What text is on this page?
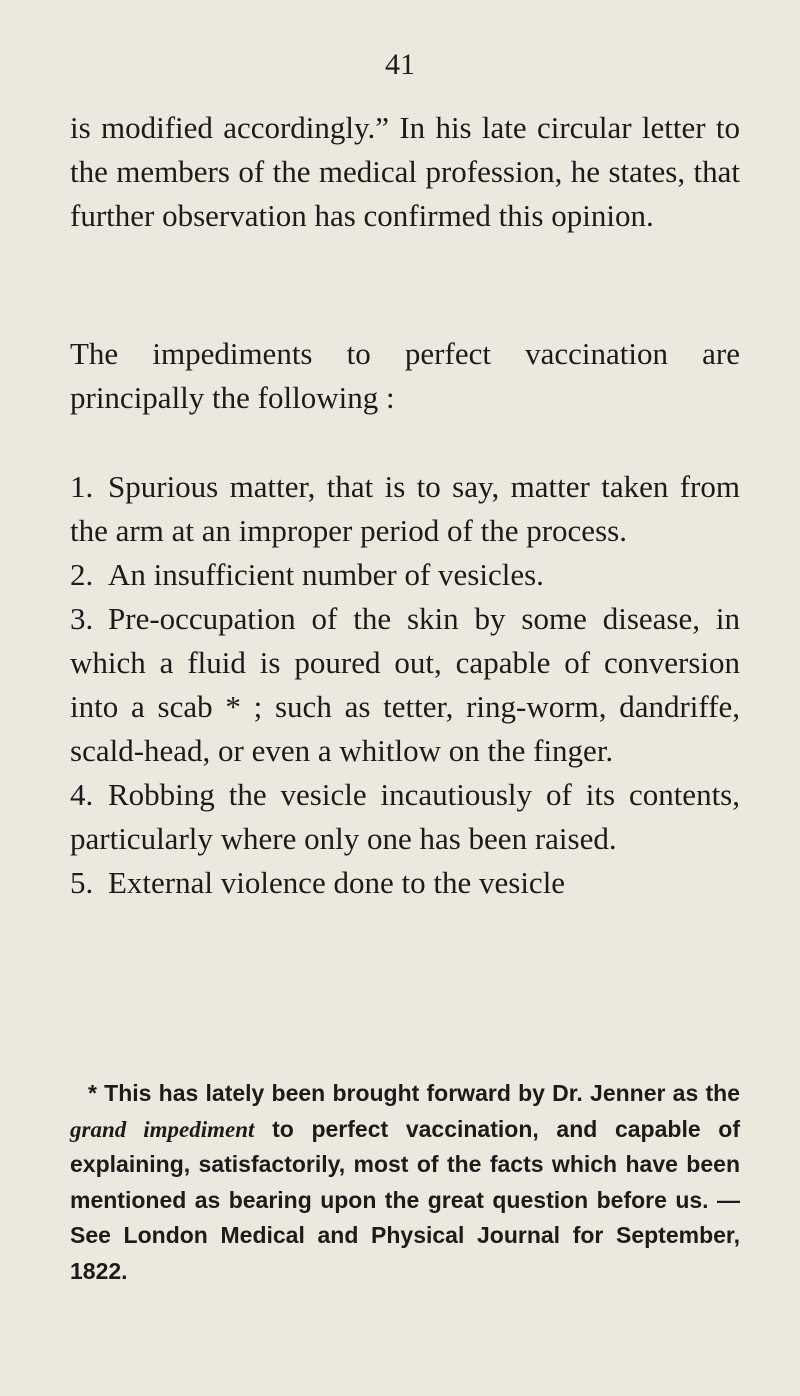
41

is modified accordingly.” In his late circular letter to the members of the medical profession, he states, that further observation has confirmed this opinion.

The impediments to perfect vaccination are principally the following :

1. Spurious matter, that is to say, matter taken from the arm at an improper period of the process.

2. An insufficient number of vesicles.

3. Pre-occupation of the skin by some disease, in which a fluid is poured out, capable of conversion into a scab * ; such as tetter, ring-worm, dandriffe, scald-head, or even a whitlow on the finger.

4. Robbing the vesicle incautiously of its contents, particularly where only one has been raised.

5. External violence done to the vesicle

* This has lately been brought forward by Dr. Jenner as the grand impediment to perfect vaccination, and capable of explaining, satisfactorily, most of the facts which have been mentioned as bearing upon the great question before us. — See London Medical and Physical Journal for September, 1822.
